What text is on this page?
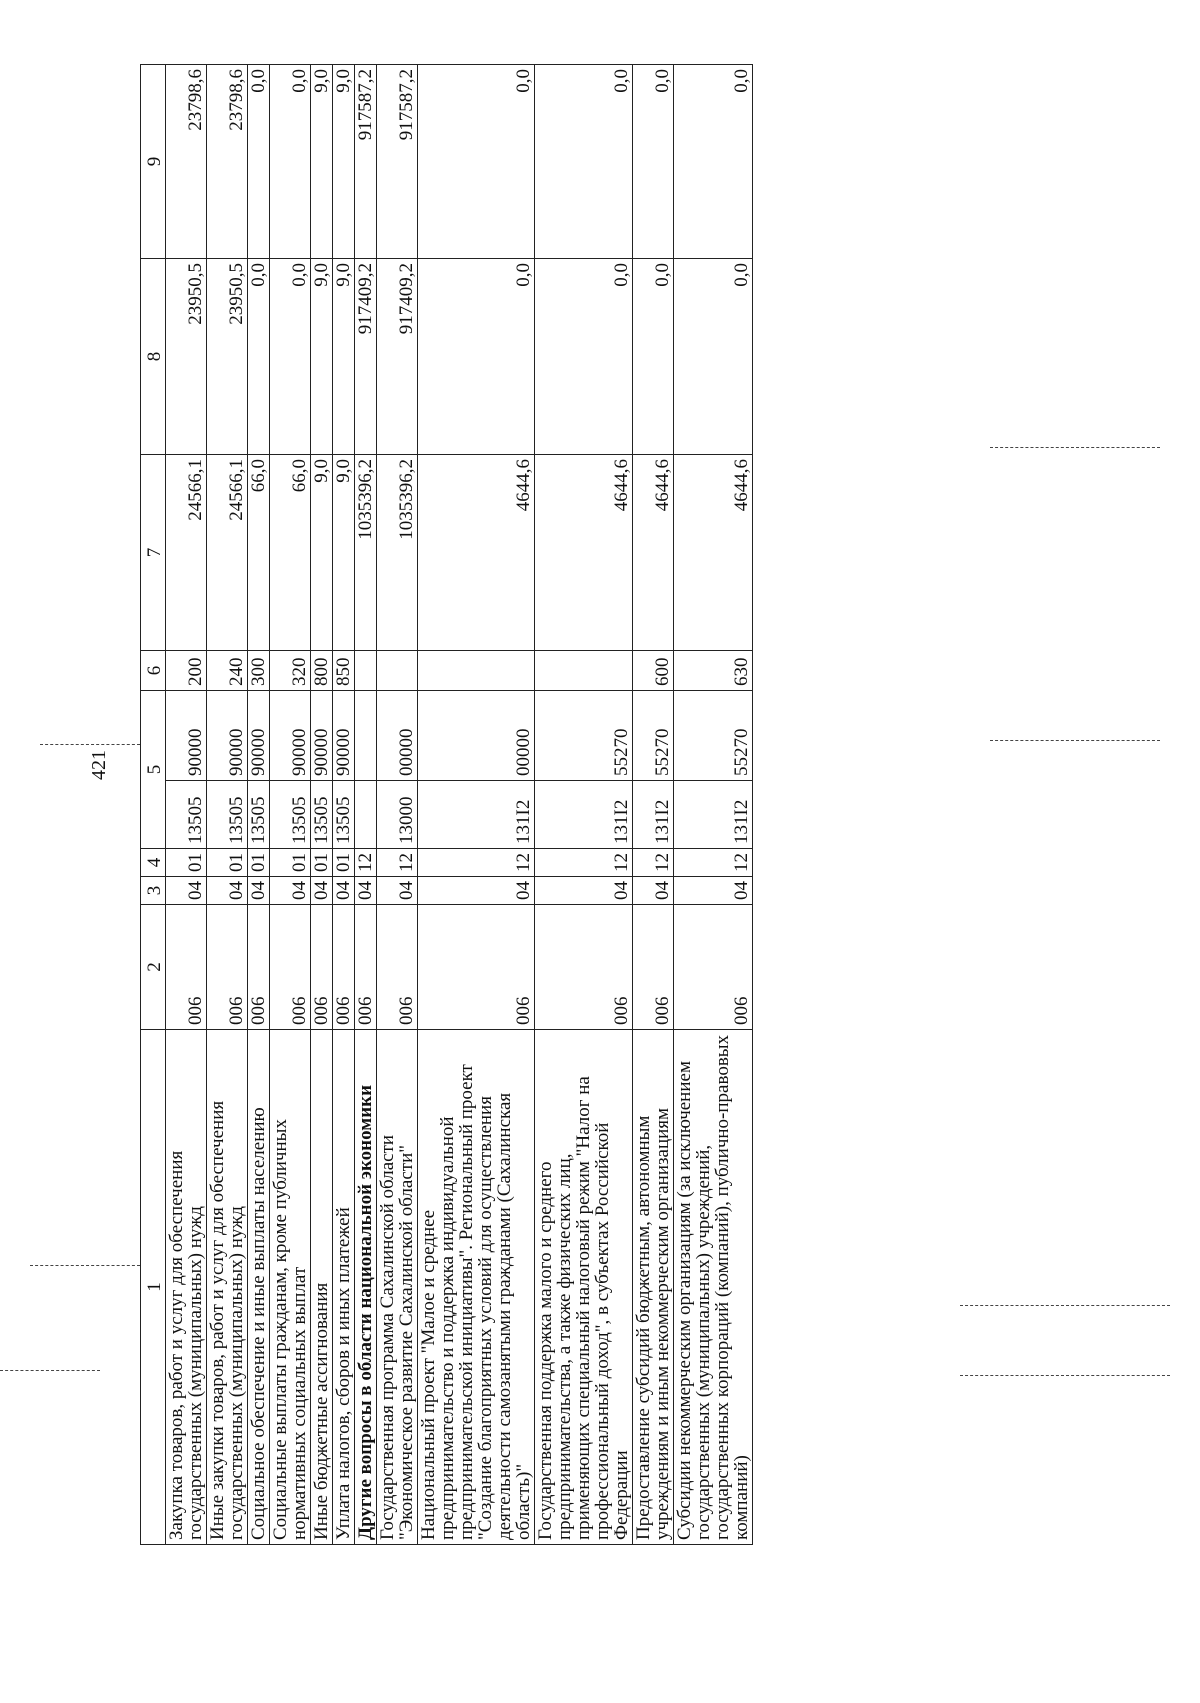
421
1	2	3	4	5		6	7	8	9
Закупка товаров, работ и услуг для обеспечения государственных (муниципальных) нужд	006	04	01	13505	90000	200	24566,1	23950,5	23798,6
Иные закупки товаров, работ и услуг для обеспечения государственных (муниципальных) нужд	006	04	01	13505	90000	240	24566,1	23950,5	23798,6
Социальное обеспечение и иные выплаты населению	006	04	01	13505	90000	300	66,0	0,0	0,0
Социальные выплаты гражданам, кроме публичных нормативных социальных выплат	006	04	01	13505	90000	320	66,0	0,0	0,0
Иные бюджетные ассигнования	006	04	01	13505	90000	800	9,0	9,0	9,0
Уплата налогов, сборов и иных платежей	006	04	01	13505	90000	850	9,0	9,0	9,0
Другие вопросы в области национальной экономики	006	04	12				1035396,2	917409,2	917587,2
Государственная программа Сахалинской области "Экономическое развитие Сахалинской области"	006	04	12	13000	00000		1035396,2	917409,2	917587,2
Национальный проект "Малое и среднее предпринимательство и поддержка индивидуальной предпринимательской инициативы". Региональный проект "Создание благоприятных условий для осуществления деятельности самозанятыми гражданами (Сахалинская область)"	006	04	12	131I2	00000		4644,6	0,0	0,0
Государственная поддержка малого и среднего предпринимательства, а также физических лиц, применяющих специальный налоговый режим "Налог на профессиональный доход", в субъектах Российской Федерации	006	04	12	131I2	55270		4644,6	0,0	0,0
Предоставление субсидий бюджетным, автономным учреждениям и иным некоммерческим организациям	006	04	12	131I2	55270	600	4644,6	0,0	0,0
Субсидии некоммерческим организациям (за исключением государственных (муниципальных) учреждений, государственных корпораций (компаний), публично-правовых компаний)	006	04	12	131I2	55270	630	4644,6	0,0	0,0
